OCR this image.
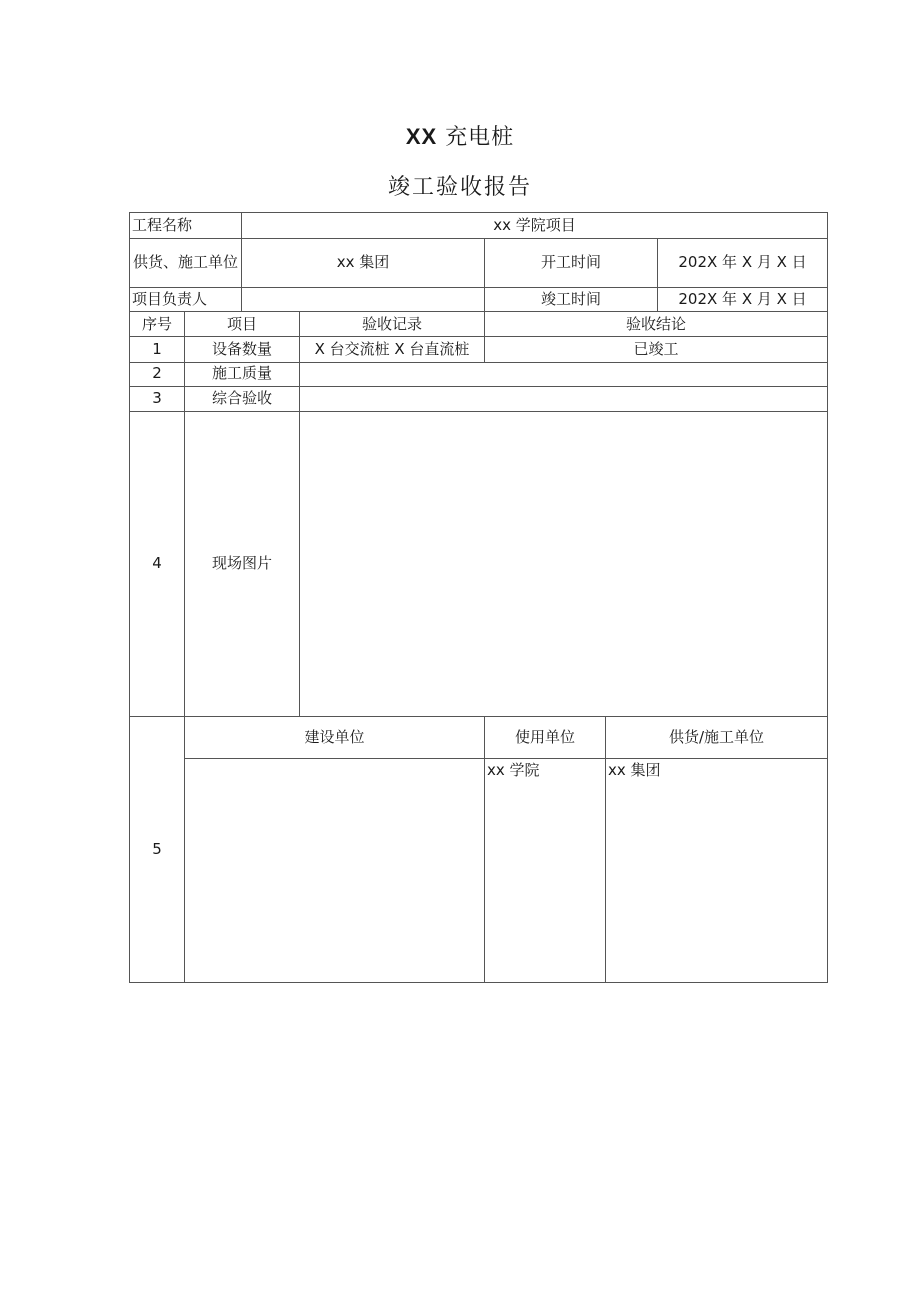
XX 充电桩
竣工验收报告
工程名称		xx 学院项目				
供货、施工单位		xx 集团		开工时间		202X 年 X 月 X 日
项目负责人				竣工时间		202X 年 X 月 X 日
序号	项目		验收记录	验收结论		
1	设备数量		X 台交流桩 X 台直流桩	已竣工		
2	施工质量					
3	综合验收					
4	现场图片					
5	建设单位			使用单位	供货/施工单位	
				xx 学院	xx 集团	
